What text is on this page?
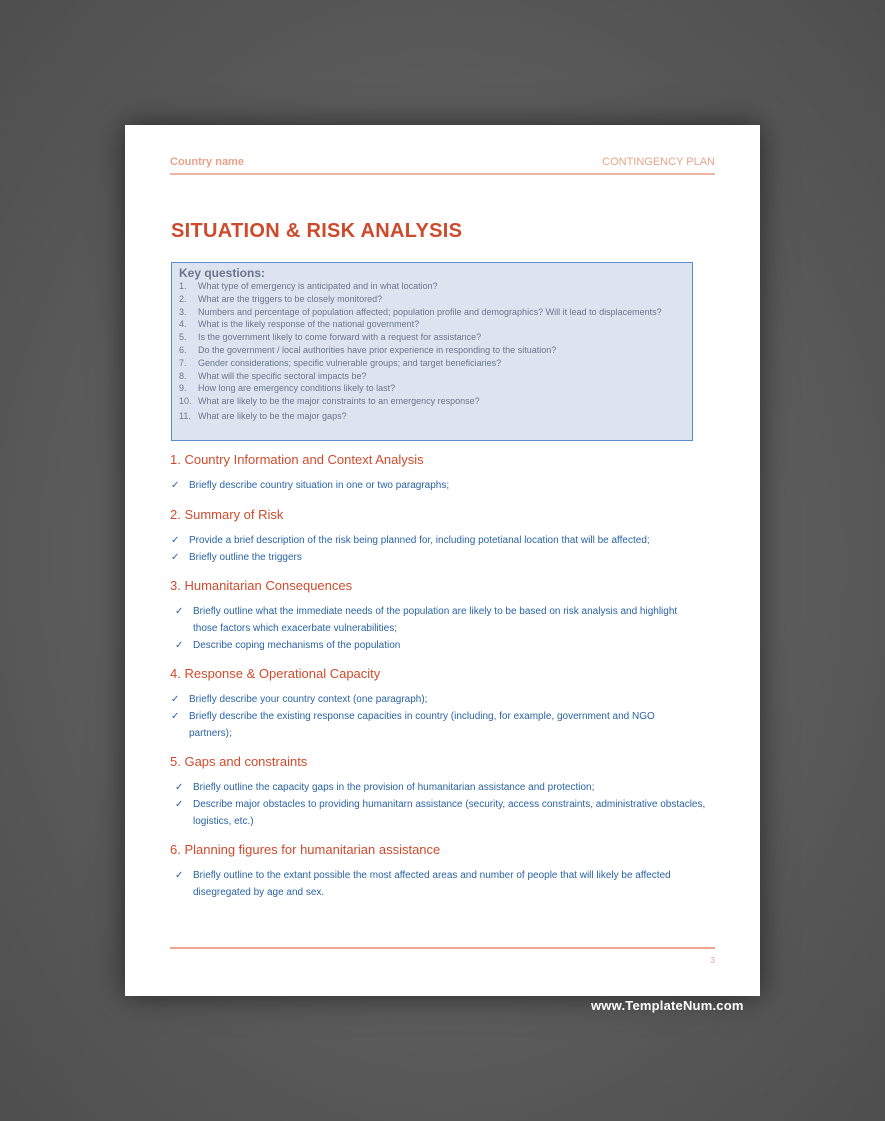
Country name	CONTINGENCY PLAN
SITUATION & RISK ANALYSIS
Key questions:
1. What type of emergency is anticipated and in what location?
2. What are the triggers to be closely monitored?
3. Numbers and percentage of population affected; population profile and demographics? Will it lead to displacements?
4. What is the likely response of the national government?
5. Is the government likely to come forward with a request for assistance?
6. Do the government / local authorities have prior experience in responding to the situation?
7. Gender considerations; specific vulnerable groups; and target beneficiaries?
8. What will the specific sectoral impacts be?
9. How long are emergency conditions likely to last?
10. What are likely to be the major constraints to an emergency response?
11. What are likely to be the major gaps?
1. Country Information and Context Analysis
✓ Briefly describe country situation in one or two paragraphs;
2. Summary of Risk
✓ Provide a brief description of the risk being planned for, including potetianal location that will be affected;
✓ Briefly outline the triggers
3. Humanitarian Consequences
✓ Briefly outline what the immediate needs of the population are likely to be based on risk analysis and highlight those factors which exacerbate vulnerabilities;
✓ Describe coping mechanisms of the population
4. Response & Operational Capacity
✓ Briefly describe your country context (one paragraph);
✓ Briefly describe the existing response capacities in country (including, for example, government and NGO partners);
5. Gaps and constraints
✓ Briefly outline the capacity gaps in the provision of humanitarian assistance and protection;
✓ Describe major obstacles to providing humanitarn assistance (security, access constraints, administrative obstacles, logistics, etc.)
6. Planning figures for humanitarian assistance
✓ Briefly outline to the extant possible the most affected areas and number of people that will likely be affected disegregated by age and sex.
3
www.TemplateNum.com
